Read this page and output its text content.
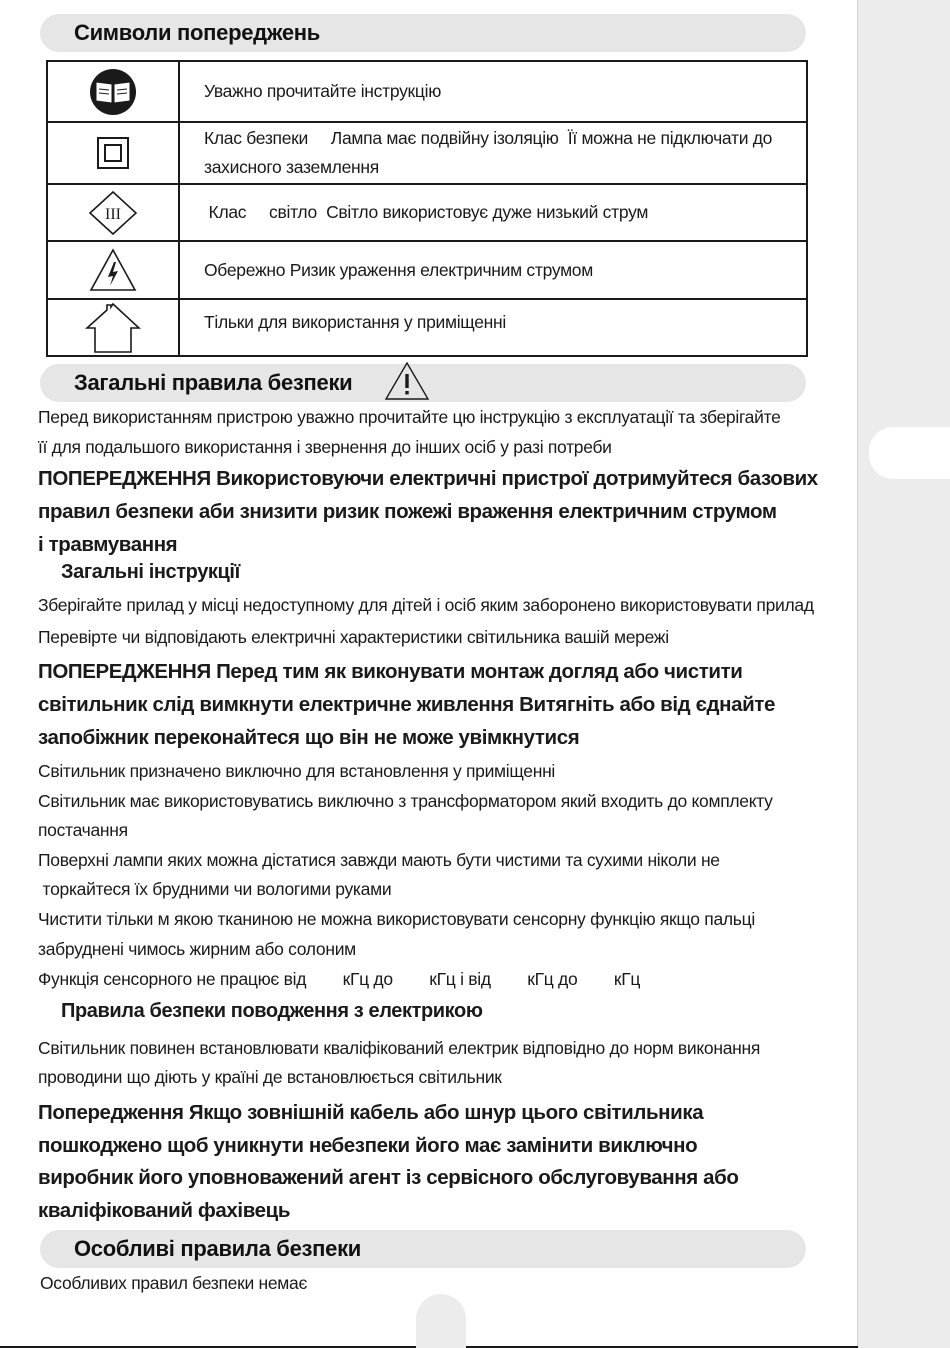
Символи попереджень
	Уважно прочитайте інструкцію

Клас безпеки     Лампа має подвійну ізоляцію  Її можна не підключати до
захисного заземлення

III	Клас     світло  Світло використовує дуже низький струм

	Обережно Ризик ураження електричним струмом

	Тільки для використання у приміщенні
Загальні правила безпеки
Перед використанням пристрою уважно прочитайте цю інструкцію з експлуатації та зберігайте
її для подальшого використання і звернення до інших осіб у разі потреби
ПОПЕРЕДЖЕННЯ Використовуючи електричні пристрої дотримуйтеся базових
правил безпеки аби знизити ризик пожежі враження електричним струмом
і травмування
Загальні інструкції
Зберігайте прилад у місці недоступному для дітей і осіб яким заборонено використовувати прилад
Перевірте чи відповідають електричні характеристики світильника вашій мережі
ПОПЕРЕДЖЕННЯ Перед тим як виконувати монтаж догляд або чистити
світильник слід вимкнути електричне живлення Витягніть або від єднайте
запобіжник переконайтеся що він не може увімкнутися
Світильник призначено виключно для встановлення у приміщенні
Світильник має використовуватись виключно з трансформатором який входить до комплекту
постачання
Поверхні лампи яких можна дістатися завжди мають бути чистими та сухими ніколи не
торкайтеся їх брудними чи вологими руками
Чистити тільки м якою тканиною не можна використовувати сенсорну функцію якщо пальці
забруднені чимось жирним або солоним
Функція сенсорного не працює від        кГц до        кГц і від        кГц до        кГц
Правила безпеки поводження з електрикою
Світильник повинен встановлювати кваліфікований електрик відповідно до норм виконання
проводини що діють у країні де встановлюється світильник
Попередження Якщо зовнішній кабель або шнур цього світильника
пошкоджено щоб уникнути небезпеки його має замінити виключно
виробник його уповноважений агент із сервісного обслуговування або
кваліфікований фахівець
Особливі правила безпеки
Особливих правил безпеки немає
